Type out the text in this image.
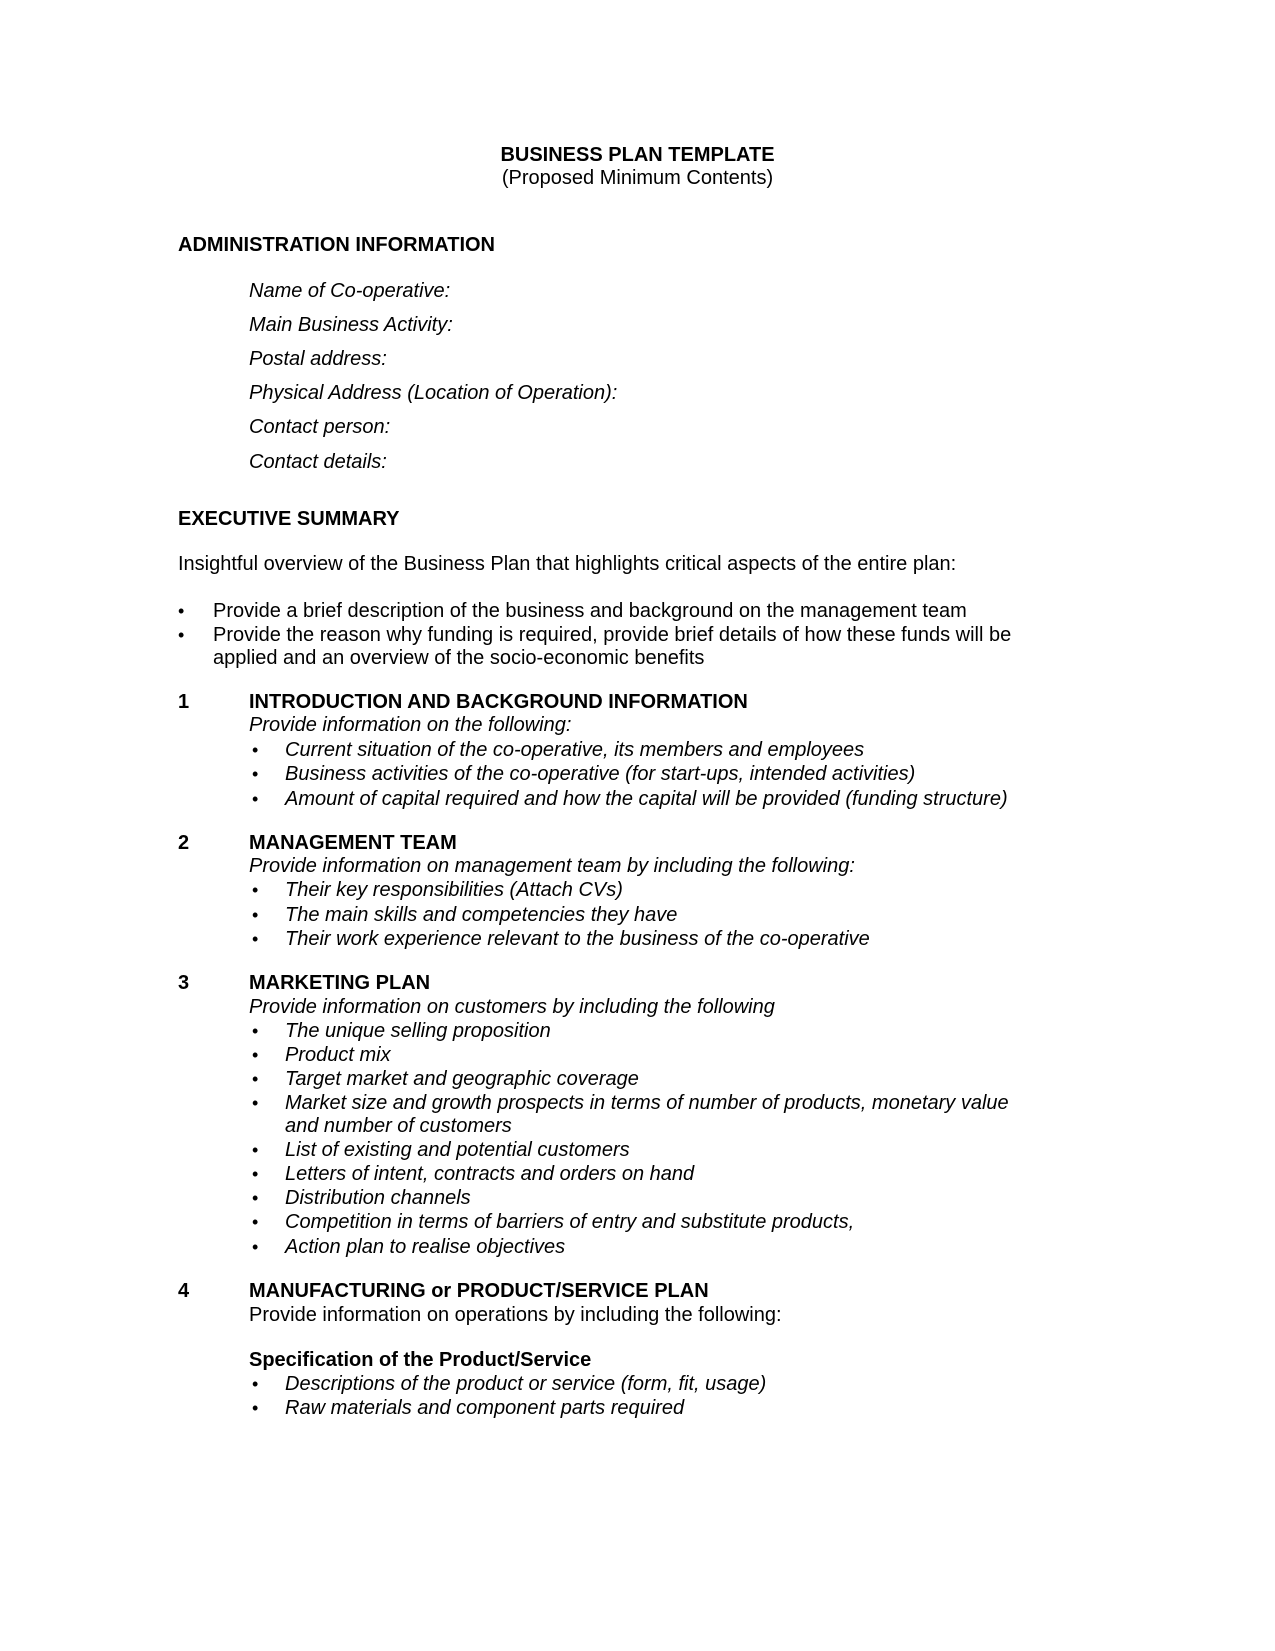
BUSINESS PLAN TEMPLATE
(Proposed Minimum Contents)
ADMINISTRATION INFORMATION
Name of Co-operative:
Main Business Activity:
Postal address:
Physical Address (Location of Operation):
Contact person:
Contact details:
EXECUTIVE SUMMARY
Insightful overview of the Business Plan that highlights critical aspects of the entire plan:
• Provide a brief description of the business and background on the management team
• Provide the reason why funding is required, provide brief details of how these funds will be
applied and an overview of the socio-economic benefits
1	INTRODUCTION AND BACKGROUND INFORMATION
Provide information on the following:
• Current situation of the co-operative, its members and employees
• Business activities of the co-operative (for start-ups, intended activities)
• Amount of capital required and how the capital will be provided (funding structure)
2	MANAGEMENT TEAM
Provide information on management team by including the following:
• Their key responsibilities (Attach CVs)
• The main skills and competencies they have
• Their work experience relevant to the business of the co-operative
3	MARKETING PLAN
Provide information on customers by including the following
• The unique selling proposition
• Product mix
• Target market and geographic coverage
• Market size and growth prospects in terms of number of products, monetary value
and number of customers
• List of existing and potential customers
• Letters of intent, contracts and orders on hand
• Distribution channels
• Competition in terms of barriers of entry and substitute products,
• Action plan to realise objectives
4	MANUFACTURING or PRODUCT/SERVICE PLAN
Provide information on operations by including the following:
Specification of the Product/Service
• Descriptions of the product or service (form, fit, usage)
• Raw materials and component parts required
